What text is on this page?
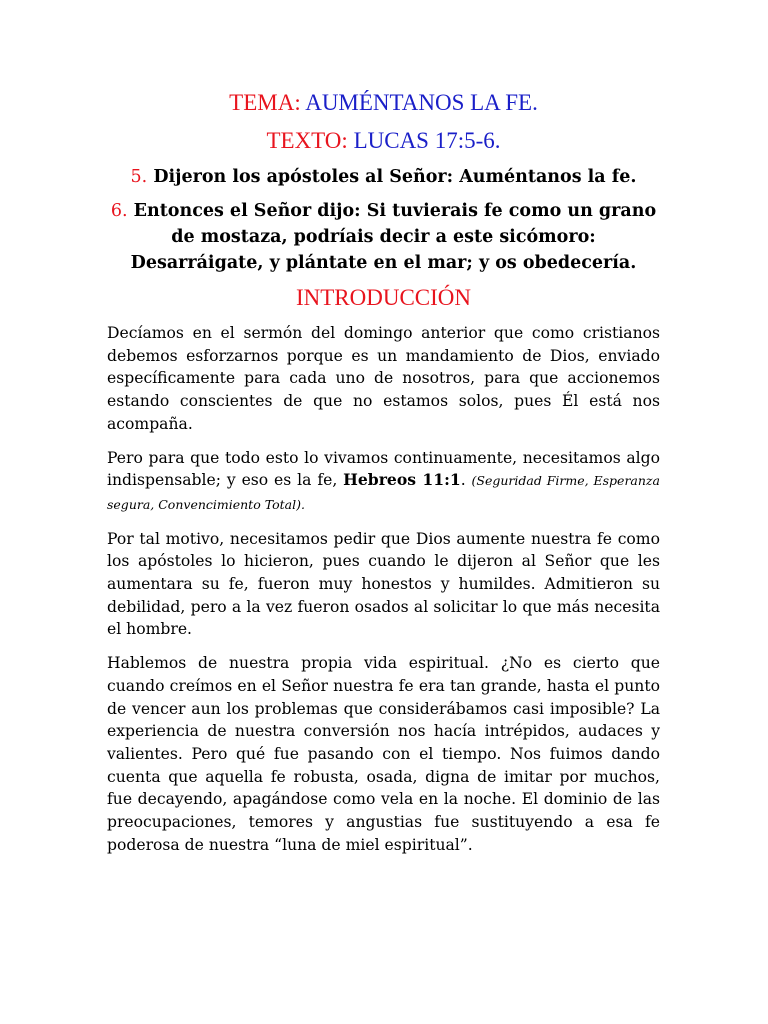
TEMA: AUMÉNTANOS LA FE.
TEXTO: LUCAS 17:5-6.
5. Dijeron los apóstoles al Señor: Auméntanos la fe.
6. Entonces el Señor dijo: Si tuvierais fe como un grano de mostaza, podríais decir a este sicómoro: Desarráigate, y plántate en el mar; y os obedecería.
INTRODUCCIÓN

Decíamos en el sermón del domingo anterior que como cristianos debemos esforzarnos porque es un mandamiento de Dios, enviado específicamente para cada uno de nosotros, para que accionemos estando conscientes de que no estamos solos, pues Él está nos acompaña.

Pero para que todo esto lo vivamos continuamente, necesitamos algo indispensable; y eso es la fe, Hebreos 11:1. (Seguridad Firme, Esperanza segura, Convencimiento Total).

Por tal motivo, necesitamos pedir que Dios aumente nuestra fe como los apóstoles lo hicieron, pues cuando le dijeron al Señor que les aumentara su fe, fueron muy honestos y humildes. Admitieron su debilidad, pero a la vez fueron osados al solicitar lo que más necesita el hombre.

Hablemos de nuestra propia vida espiritual. ¿No es cierto que cuando creímos en el Señor nuestra fe era tan grande, hasta el punto de vencer aun los problemas que considerábamos casi imposible? La experiencia de nuestra conversión nos hacía intrépidos, audaces y valientes. Pero qué fue pasando con el tiempo. Nos fuimos dando cuenta que aquella fe robusta, osada, digna de imitar por muchos, fue decayendo, apagándose como vela en la noche. El dominio de las preocupaciones, temores y angustias fue sustituyendo a esa fe poderosa de nuestra “luna de miel espiritual”.
